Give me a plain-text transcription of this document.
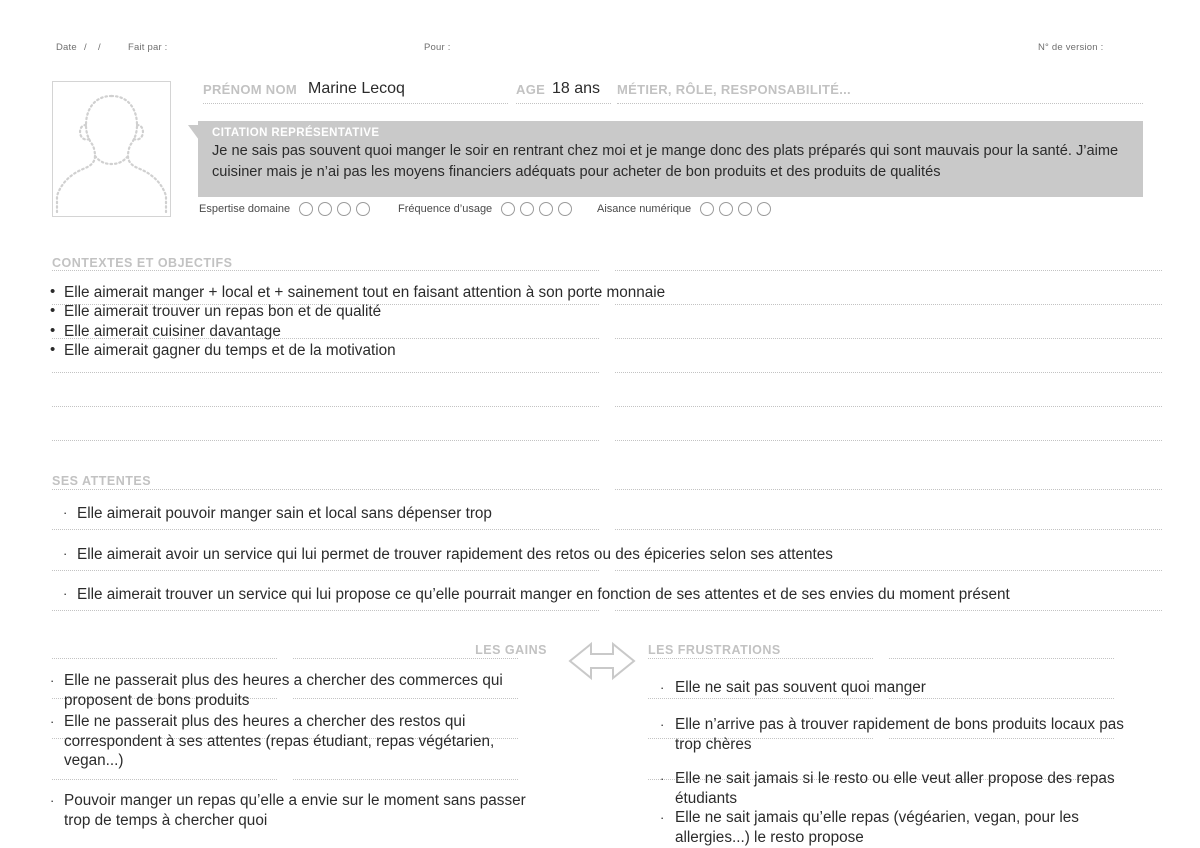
Date / /	Fait par :	Pour :	N° de version :
PRÉNOM NOM Marine Lecoq	AGE 18 ans MÉTIER, RÔLE, RESPONSABILITÉ...
CITATION REPRÉSENTATIVE
Je ne sais pas souvent quoi manger le soir en rentrant chez moi et je mange donc des plats préparés qui sont mauvais pour la santé. J’aime cuisiner mais je n’ai pas les moyens financiers adéquats pour acheter de bon produits et des produits de qualités
Espertise domaine	Fréquence d’usage	Aisance numérique
CONTEXTES ET OBJECTIFS
• Elle aimerait manger + local et + sainement tout en faisant attention à son porte monnaie
• Elle aimerait trouver un repas bon et de qualité
• Elle aimerait cuisiner davantage
• Elle aimerait gagner du temps et de la motivation
SES ATTENTES
· Elle aimerait pouvoir manger sain et local sans dépenser trop
· Elle aimerait avoir un service qui lui permet de trouver rapidement des retos ou des épiceries selon ses attentes
· Elle aimerait trouver un service qui lui propose ce qu’elle pourrait manger en fonction de ses attentes et de ses envies du moment présent
LES GAINS	LES FRUSTRATIONS
· Elle ne passerait plus des heures a chercher des commerces qui proposent de bons produits
· Elle ne passerait plus des heures a chercher des restos qui correspondent à ses attentes (repas étudiant, repas végétarien, vegan...)
· Pouvoir manger un repas qu’elle a envie sur le moment sans passer trop de temps à chercher quoi
· Elle ne sait pas souvent quoi manger
· Elle n’arrive pas à trouver rapidement de bons produits locaux pas trop chères
· Elle ne sait jamais si le resto ou elle veut aller propose des repas étudiants
· Elle ne sait jamais qu’elle repas (végéarien, vegan, pour les allergies...) le resto propose
